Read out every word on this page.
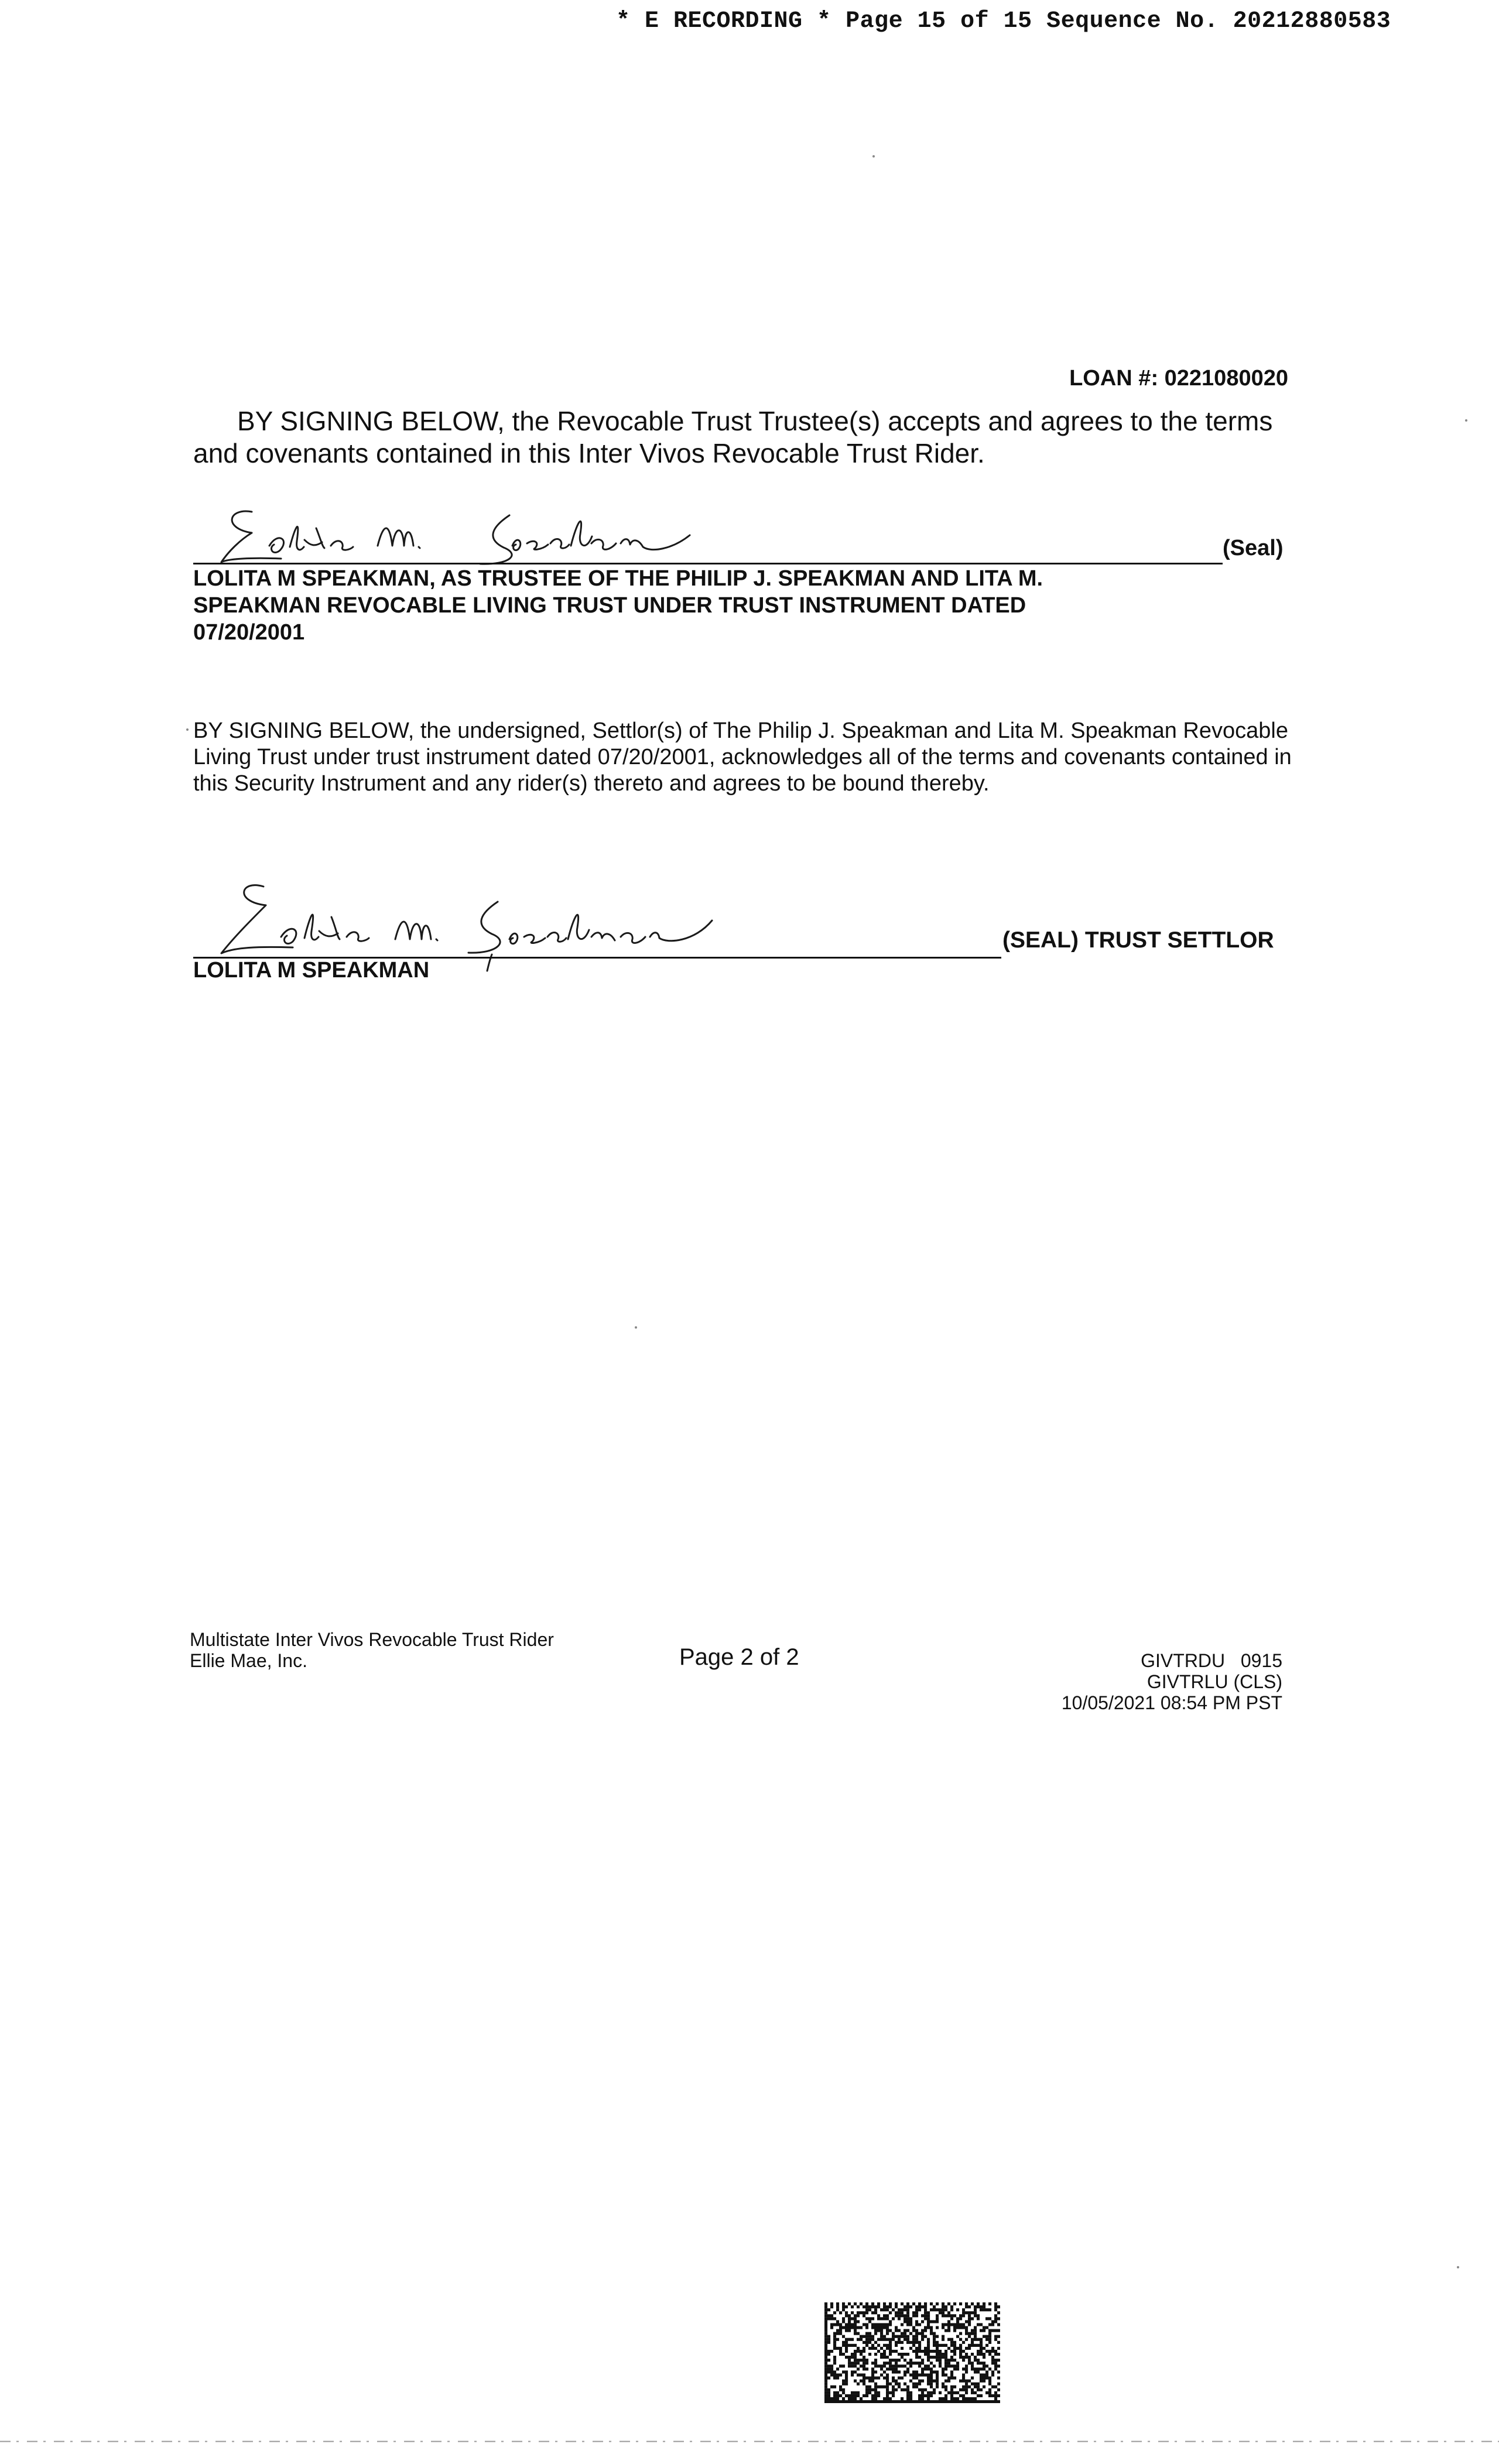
* E RECORDING * Page 15 of 15 Sequence No. 20212880583
LOAN #: 0221080020
BY SIGNING BELOW, the Revocable Trust Trustee(s) accepts and agrees to the terms and covenants contained in this Inter Vivos Revocable Trust Rider.
(Seal)
LOLITA M SPEAKMAN, AS TRUSTEE OF THE PHILIP J. SPEAKMAN AND LITA M.
SPEAKMAN REVOCABLE LIVING TRUST UNDER TRUST INSTRUMENT DATED
07/20/2001
BY SIGNING BELOW, the undersigned, Settlor(s) of The Philip J. Speakman and Lita M. Speakman Revocable Living Trust under trust instrument dated 07/20/2001, acknowledges all of the terms and covenants contained in this Security Instrument and any rider(s) thereto and agrees to be bound thereby.
(SEAL) TRUST SETTLOR
LOLITA M SPEAKMAN
Multistate Inter Vivos Revocable Trust Rider
Ellie Mae, Inc.	Page 2 of 2	GIVTRDU   0915
GIVTRLU (CLS)
10/05/2021 08:54 PM PST
